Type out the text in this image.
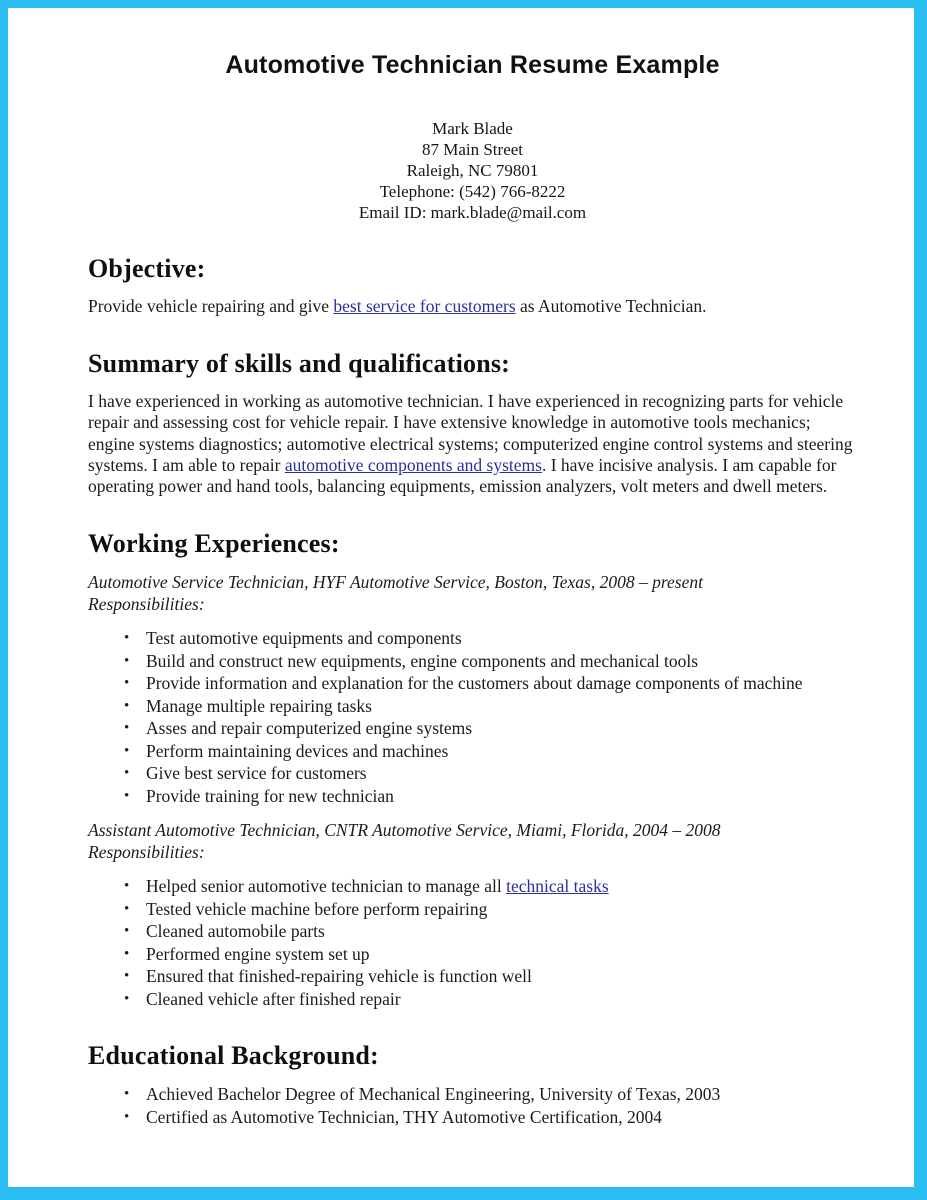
Automotive Technician Resume Example
Mark Blade
87 Main Street
Raleigh, NC 79801
Telephone: (542) 766-8222
Email ID: mark.blade@mail.com
Objective:

Provide vehicle repairing and give best service for customers as Automotive Technician.

Summary of skills and qualifications:

I have experienced in working as automotive technician. I have experienced in recognizing parts for vehicle repair and assessing cost for vehicle repair. I have extensive knowledge in automotive tools mechanics; engine systems diagnostics; automotive electrical systems; computerized engine control systems and steering systems. I am able to repair automotive components and systems. I have incisive analysis. I am capable for operating power and hand tools, balancing equipments, emission analyzers, volt meters and dwell meters.

Working Experiences:
Automotive Service Technician, HYF Automotive Service, Boston, Texas, 2008 – present
Responsibilities:
• Test automotive equipments and components
• Build and construct new equipments, engine components and mechanical tools
• Provide information and explanation for the customers about damage components of machine
• Manage multiple repairing tasks
• Asses and repair computerized engine systems
• Perform maintaining devices and machines
• Give best service for customers
• Provide training for new technician
Assistant Automotive Technician, CNTR Automotive Service, Miami, Florida, 2004 – 2008
Responsibilities:
• Helped senior automotive technician to manage all technical tasks
• Tested vehicle machine before perform repairing
• Cleaned automobile parts
• Performed engine system set up
• Ensured that finished-repairing vehicle is function well
• Cleaned vehicle after finished repair
Educational Background:
• Achieved Bachelor Degree of Mechanical Engineering, University of Texas, 2003
• Certified as Automotive Technician, THY Automotive Certification, 2004
